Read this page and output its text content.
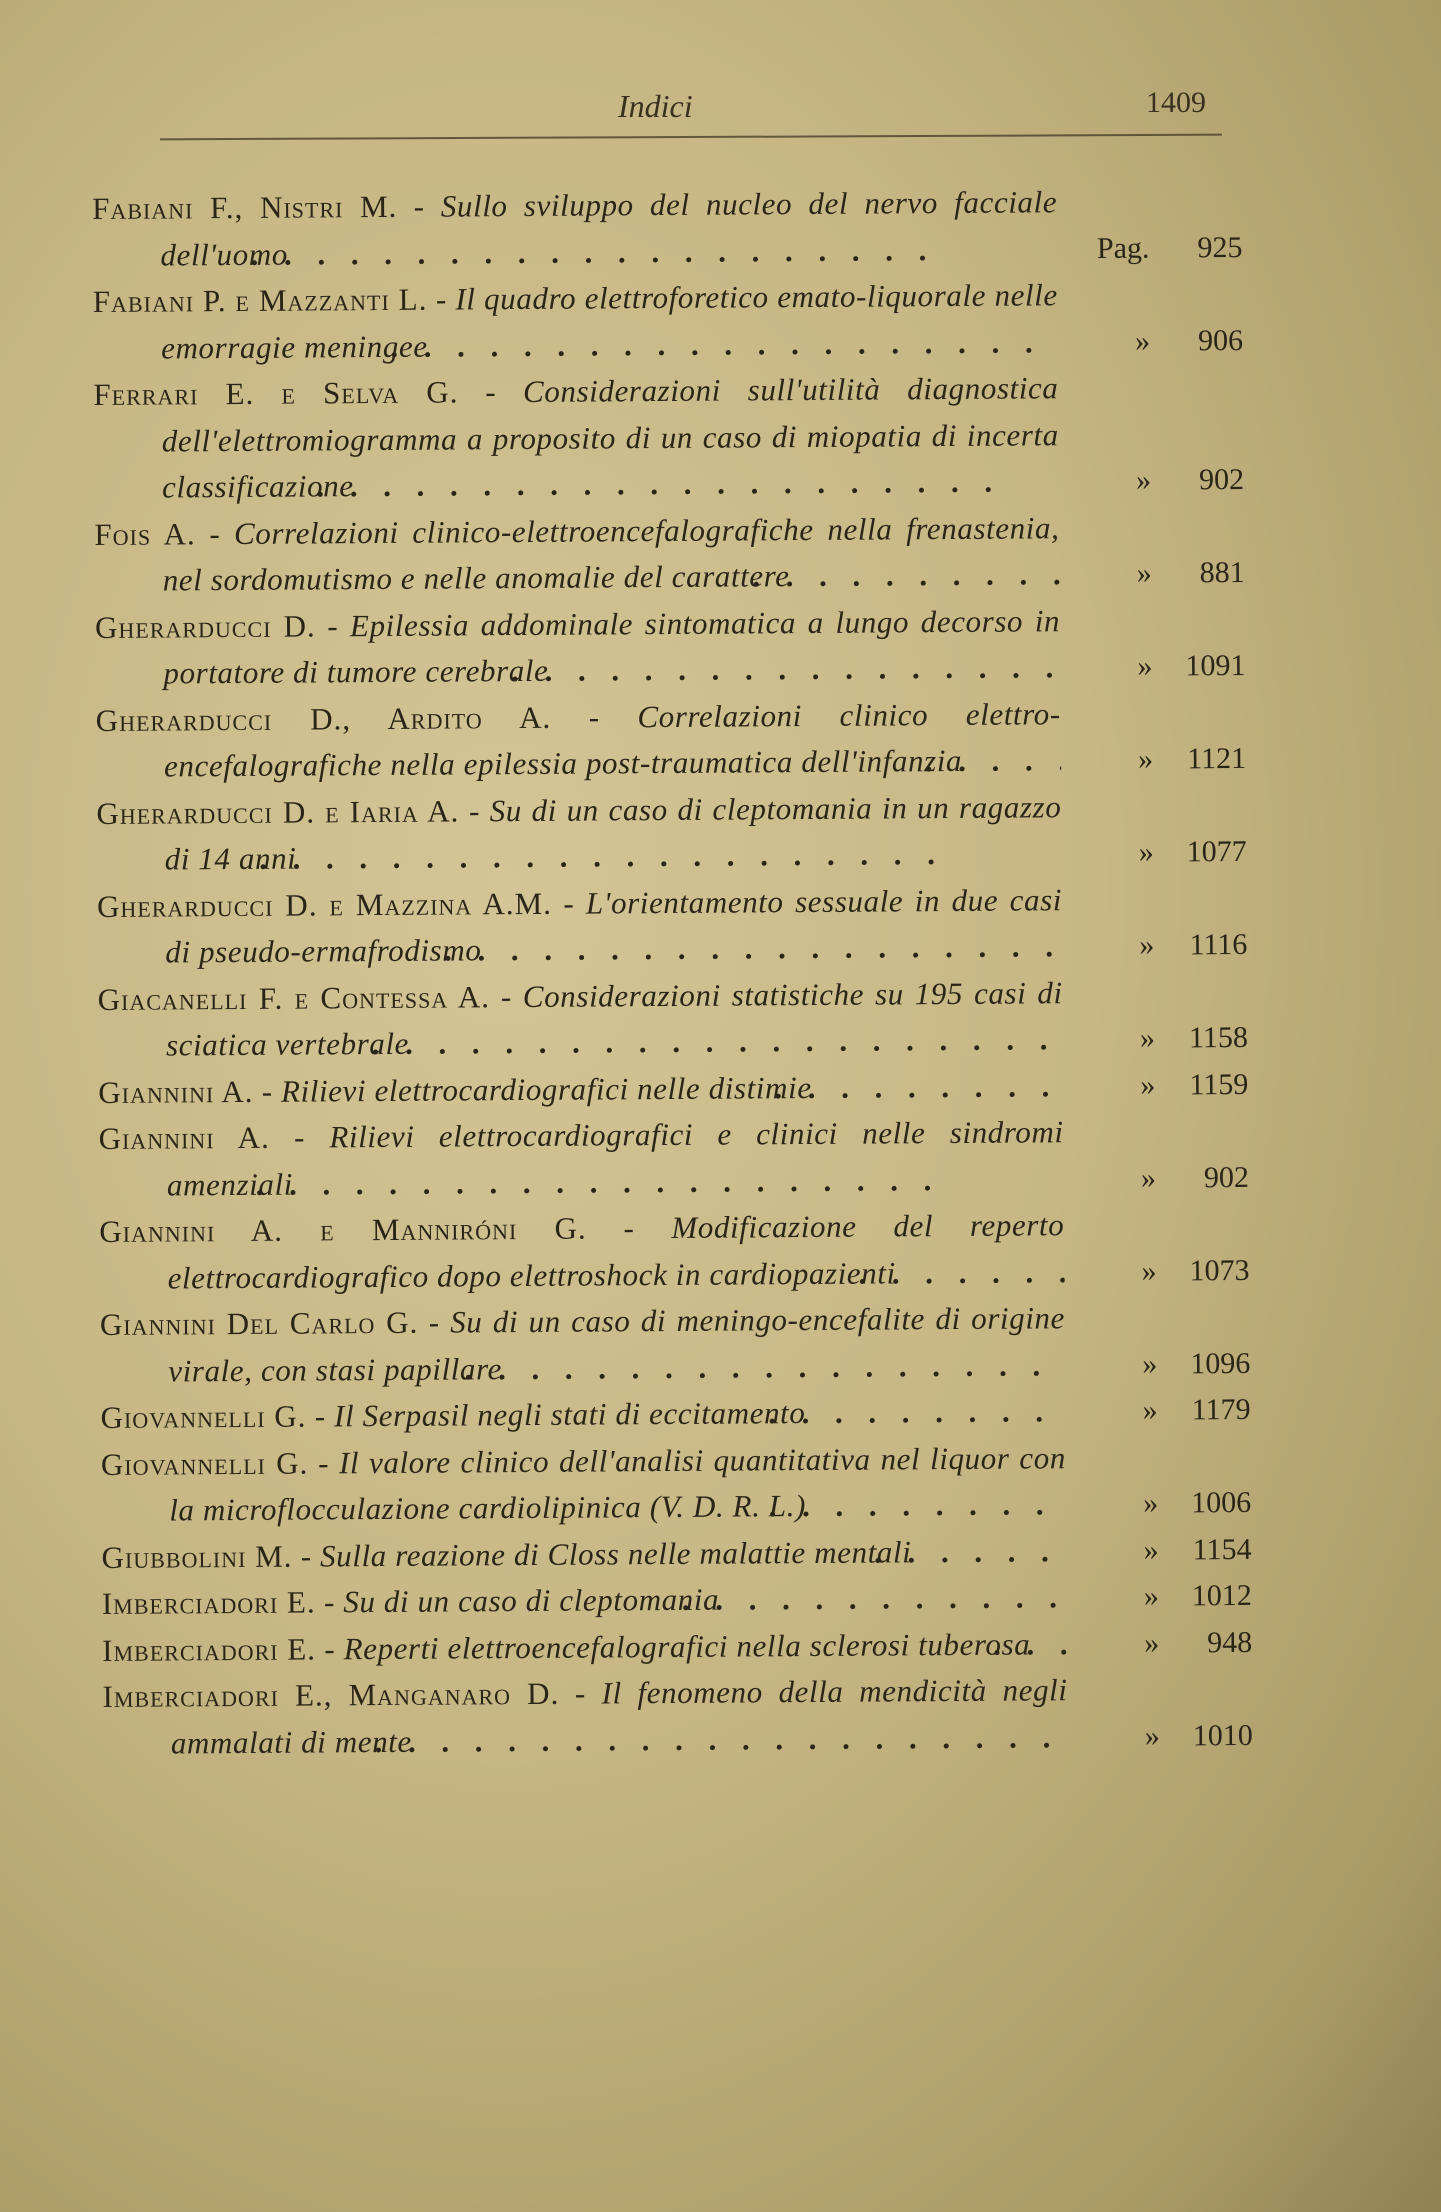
Indici	1409
Fabiani F., Nistri M. - Sullo sviluppo del nucleo del nervo facciale dell'uomo . .	Pag.	925
Fabiani P. e Mazzanti L. - Il quadro elettroforetico emato-liquorale nelle emorragie meningee . .	»	906
Ferrari E. e Selva G. - Considerazioni sull'utilità diagnostica dell'elettromiogramma a proposito di un caso di miopatia di incerta classificazione . .	»	902
Fois A. - Correlazioni clinico-elettroencefalografiche nella frenastenia, nel sordomutismo e nelle anomalie del carattere . .	»	881
Gherarducci D. - Epilessia addominale sintomatica a lungo decorso in portatore di tumore cerebrale . .	»	1091
Gherarducci D., Ardito A. - Correlazioni clinico elettro-encefalografiche nella epilessia post-traumatica dell'infanzia . .	»	1121
Gherarducci D. e Iaria A. - Su di un caso di cleptomania in un ragazzo di 14 anni . .	»	1077
Gherarducci D. e Mazzina A.M. - L'orientamento sessuale in due casi di pseudo-ermafrodismo . .	»	1116
Giacanelli F. e Contessa A. - Considerazioni statistiche su 195 casi di sciatica vertebrale . .	»	1158
Giannini A. - Rilievi elettrocardiografici nelle distimie . .	»	1159
Giannini A. - Rilievi elettrocardiografici e clinici nelle sindromi amenziali . .	»	902
Giannini A. e Manniróni G. - Modificazione del reperto elettrocardiografico dopo elettroshock in cardiopazienti . .	»	1073
Giannini Del Carlo G. - Su di un caso di meningo-encefalite di origine virale, con stasi papillare . .	»	1096
Giovannelli G. - Il Serpasil negli stati di eccitamento . .	»	1179
Giovannelli G. - Il valore clinico dell'analisi quantitativa nel liquor con la microflocculazione cardiolipinica (V. D. R. L.) . .	»	1006
Giubbolini M. - Sulla reazione di Closs nelle malattie mentali . .	»	1154
Imberciadori E. - Su di un caso di cleptomania . .	»	1012
Imberciadori E. - Reperti elettroencefalografici nella sclerosi tuberosa . .	»	948
Imberciadori E., Manganaro D. - Il fenomeno della mendicità negli ammalati di mente . .	»	1010
